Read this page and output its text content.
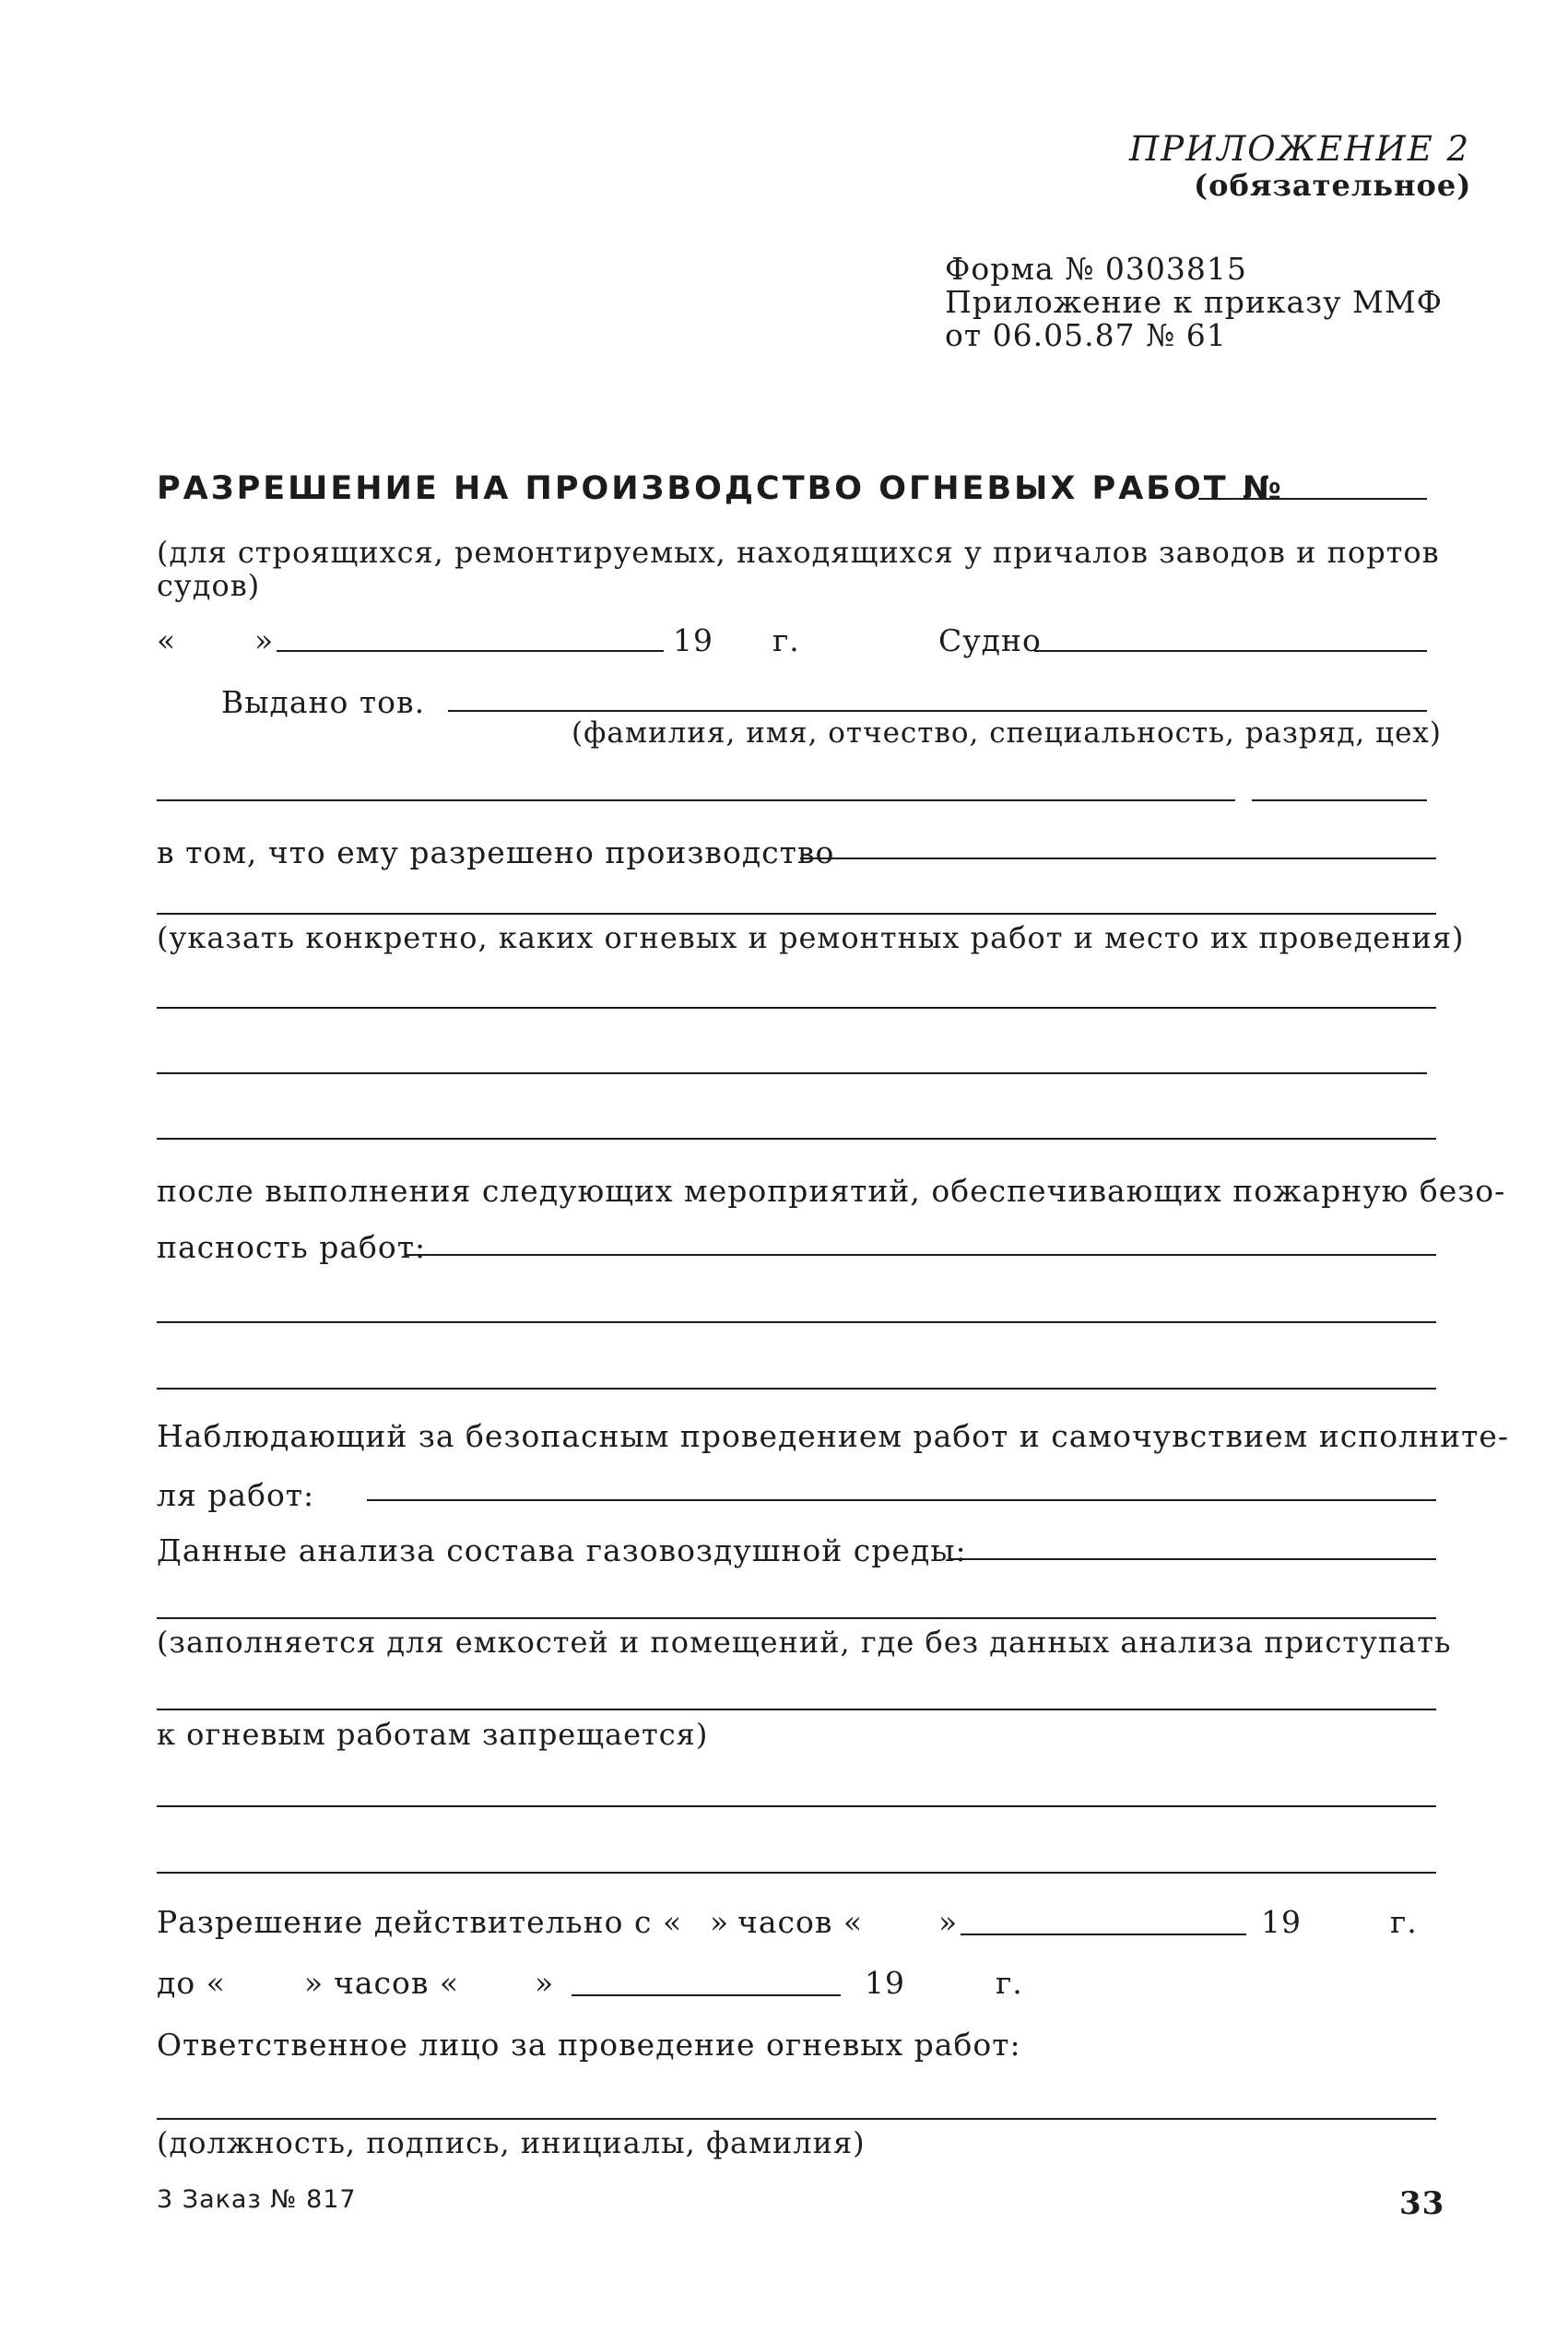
ПРИЛОЖЕНИЕ 2
(обязательное)
Форма № 0303815
Приложение к приказу ММФ
от 06.05.87 № 61
РАЗРЕШЕНИЕ НА ПРОИЗВОДСТВО ОГНЕВЫХ РАБОТ №
(для строящихся, ремонтируемых, находящихся у причалов заводов и портов
судов)
«	»	19 г.	Судно
Выдано тов.
(фамилия, имя, отчество, специальность, разряд, цех)
в том, что ему разрешено производство
(указать конкретно, каких огневых и ремонтных работ и место их проведения)
после выполнения следующих мероприятий, обеспечивающих пожарную безо-
пасность работ:
Наблюдающий за безопасным проведением работ и самочувствием исполните-
ля работ:
Данные анализа состава газовоздушной среды:
(заполняется для емкостей и помещений, где без данных анализа приступать
к огневым работам запрещается)
Разрешение действительно с « » часов « »	19	г.
до «	» часов « »	19	г.
Ответственное лицо за проведение огневых работ:
(должность, подпись, инициалы, фамилия)
3 Заказ № 817	33
